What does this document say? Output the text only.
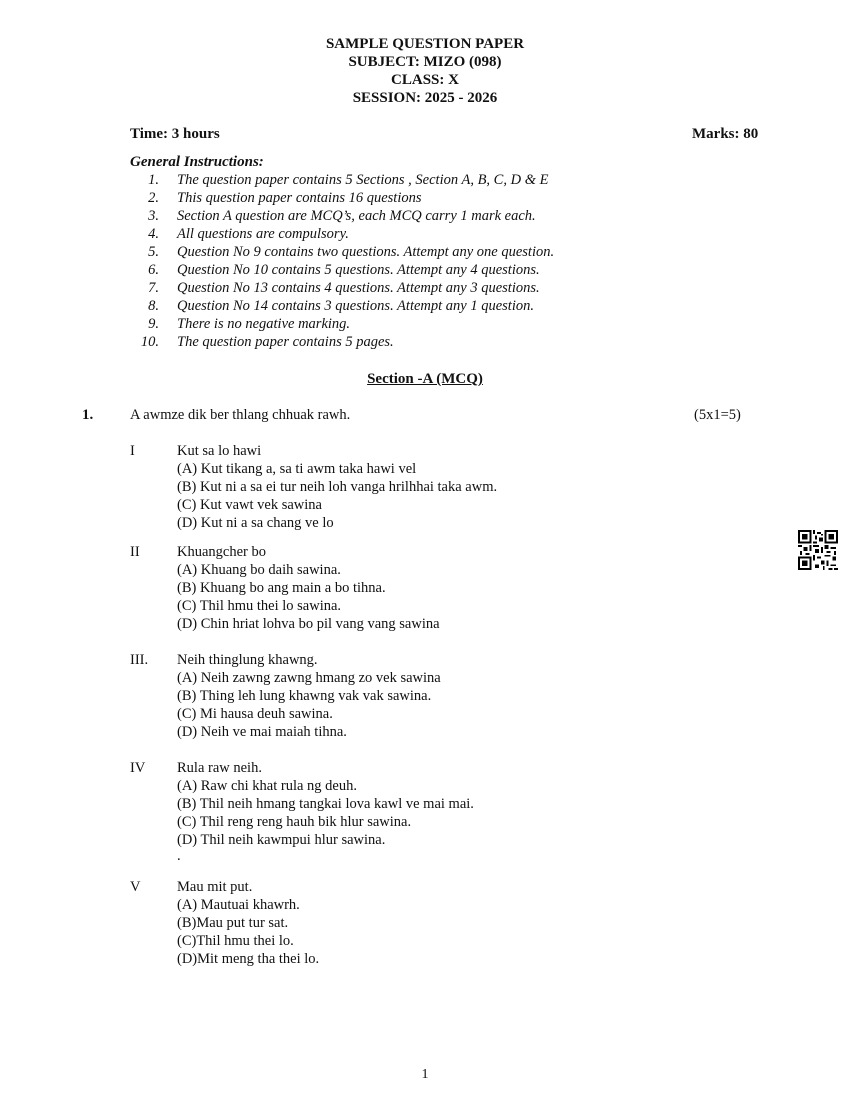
SAMPLE QUESTION PAPER
SUBJECT: MIZO (098)
CLASS: X
SESSION: 2025 - 2026
Time: 3 hours	Marks: 80
General Instructions:
1. The question paper contains 5 Sections , Section A, B, C, D & E
2. This question paper contains 16 questions
3. Section A question are MCQ’s, each MCQ carry 1 mark each.
4. All questions are compulsory.
5. Question No 9 contains two questions. Attempt any one question.
6. Question No 10 contains 5 questions. Attempt any 4 questions.
7. Question No 13 contains 4 questions. Attempt any 3 questions.
8. Question No 14 contains 3 questions. Attempt any 1 question.
9. There is no negative marking.
10. The question paper contains 5 pages.
Section -A (MCQ)
1.	A awmze dik ber thlang chhuak rawh.	(5x1=5)
I	Kut sa lo hawi
(A) Kut tikang a, sa ti awm taka hawi vel
(B) Kut ni a sa ei tur neih loh vanga hrilhhai taka awm.
(C) Kut vawt vek sawina
(D) Kut ni a sa chang ve lo
II	Khuangcher bo
(A) Khuang bo daih sawina.
(B) Khuang bo ang main a bo tihna.
(C) Thil hmu thei lo sawina.
(D) Chin hriat lohva bo pil vang vang sawina
III. Neih thinglung khawng.
(A) Neih zawng zawng hmang zo vek sawina
(B) Thing leh lung khawng vak vak sawina.
(C) Mi hausa deuh sawina.
(D) Neih ve mai maiah tihna.
IV Rula raw neih.
(A) Raw chi khat rula ng deuh.
(B) Thil neih hmang tangkai lova kawl ve mai mai.
(C) Thil reng reng hauh bik hlur sawina.
(D) Thil neih kawmpui hlur sawina.
.
V	Mau mit put.
(A) Mautuai khawrh.
(B)Mau put tur sat.
(C)Thil hmu thei lo.
(D)Mit meng tha thei lo.
1
